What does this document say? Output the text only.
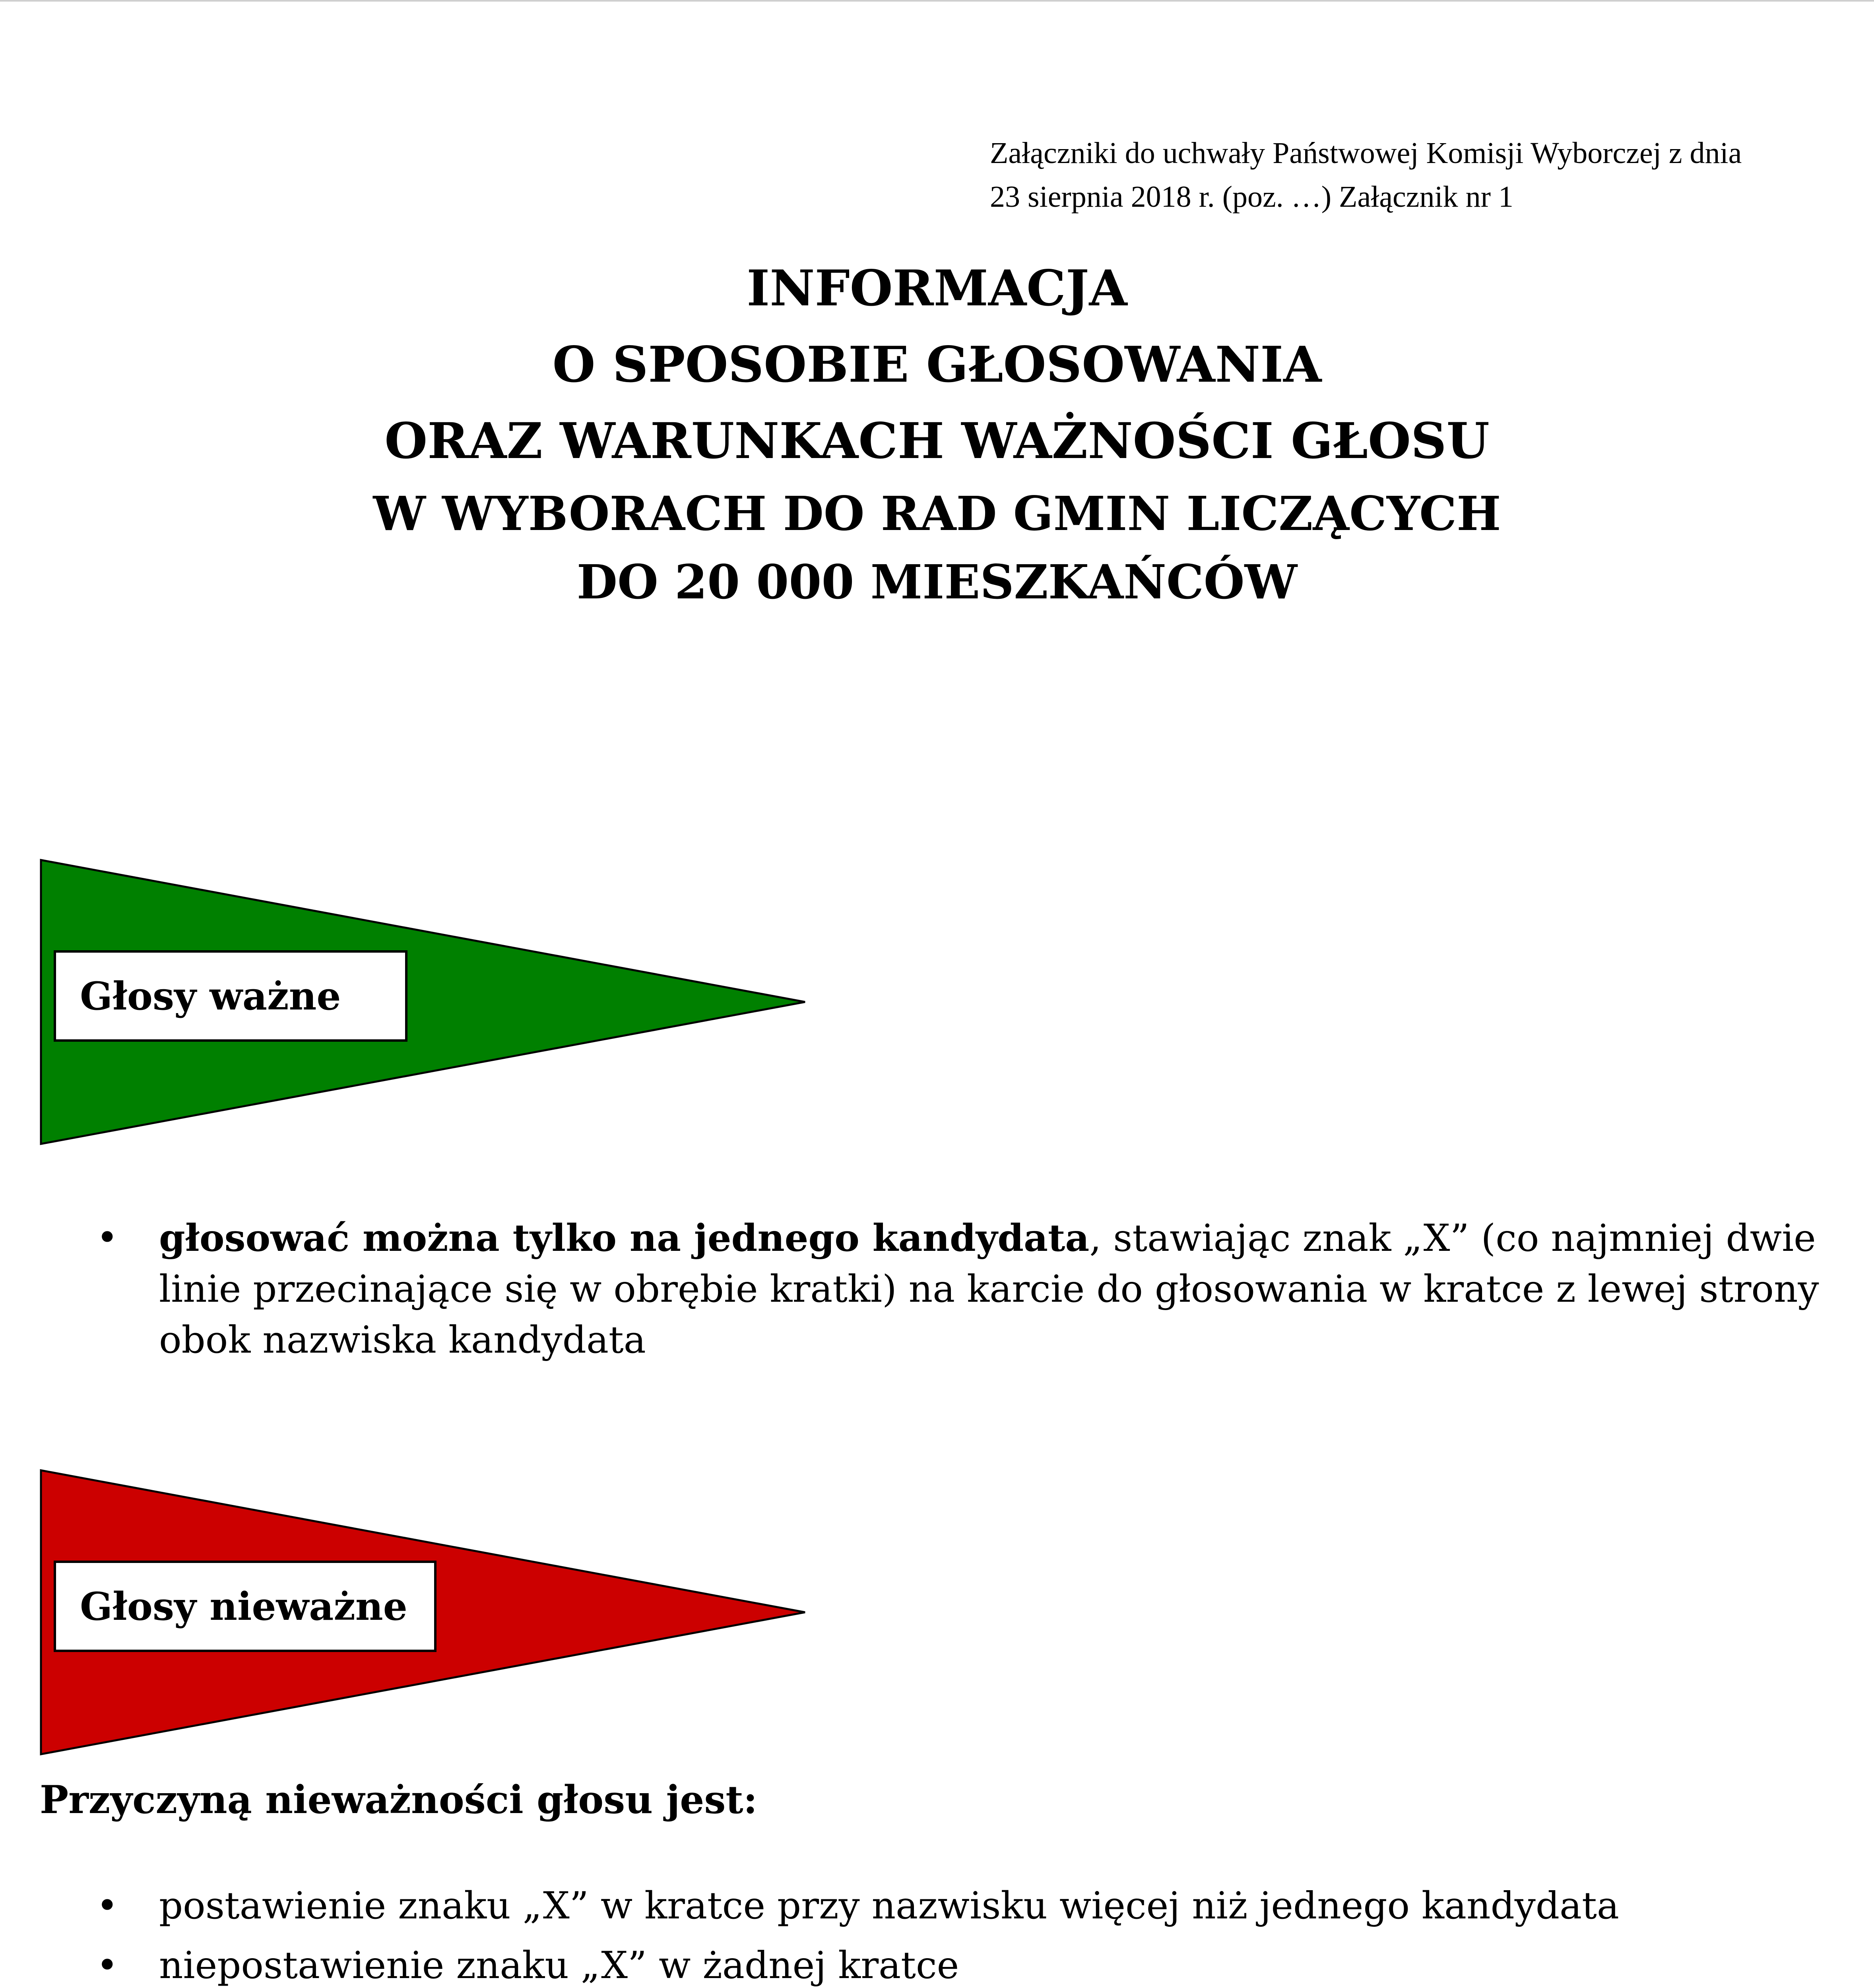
Załączniki do uchwały Państwowej Komisji Wyborczej z dnia
23 sierpnia 2018 r. (poz. …) Załącznik nr 1
INFORMACJA
O SPOSOBIE GŁOSOWANIA
ORAZ WARUNKACH WAŻNOŚCI GŁOSU
W WYBORACH DO RAD GMIN LICZĄCYCH
DO 20 000 MIESZKAŃCÓW
Głosy ważne
• głosować można tylko na jednego kandydata, stawiając znak „X” (co najmniej dwie
linie przecinające się w obrębie kratki) na karcie do głosowania w kratce z lewej strony
obok nazwiska kandydata
Głosy nieważne
Przyczyną nieważności głosu jest:
• postawienie znaku „X” w kratce przy nazwisku więcej niż jednego kandydata
• niepostawienie znaku „X” w żadnej kratce
